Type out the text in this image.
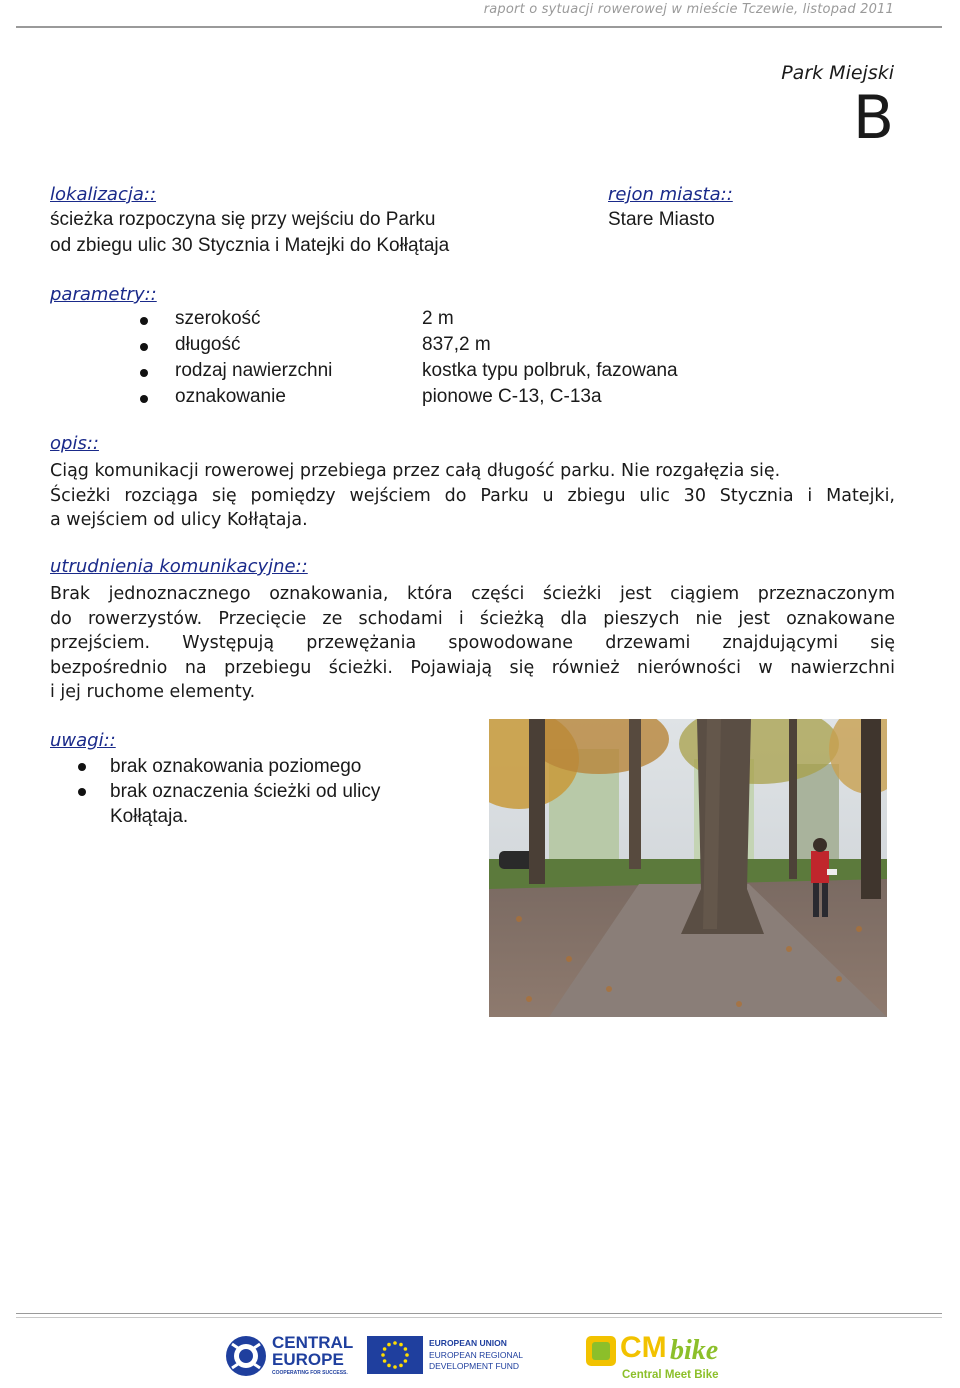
raport o sytuacji rowerowej w mieście Tczewie, listopad 2011
Park Miejski
B
lokalizacja::
ścieżka rozpoczyna się przy wejściu do Parku
od zbiegu ulic 30 Stycznia i Matejki do Kołłątaja
rejon miasta::
Stare Miasto
parametry::
szerokość	2 m
długość	837,2 m
rodzaj nawierzchni	kostka typu polbruk, fazowana
oznakowanie	pionowe C-13, C-13a
opis::
Ciąg komunikacji rowerowej przebiega przez całą długość parku. Nie rozgałęzia się.
Ścieżki rozciąga się pomiędzy wejściem do Parku u zbiegu ulic 30 Stycznia i Matejki,
a wejściem od ulicy Kołłątaja.
utrudnienia komunikacyjne::
Brak jednoznacznego oznakowania, która części ścieżki jest ciągiem przeznaczonym
do rowerzystów. Przecięcie ze schodami i ścieżką dla pieszych nie jest oznakowane
przejściem. Występują przewężania spowodowane drzewami znajdującymi się
bezpośrednio na przebiegu ścieżki. Pojawiają się również nierówności w nawierzchni
i jej ruchome elementy.
uwagi::
brak oznakowania poziomego
brak oznaczenia ścieżki od ulicy Kołłątaja.
CENTRAL
EUROPE
COOPERATING FOR SUCCESS.
EUROPEAN UNION
EUROPEAN REGIONAL
DEVELOPMENT FUND
CM bike
Central Meet Bike
